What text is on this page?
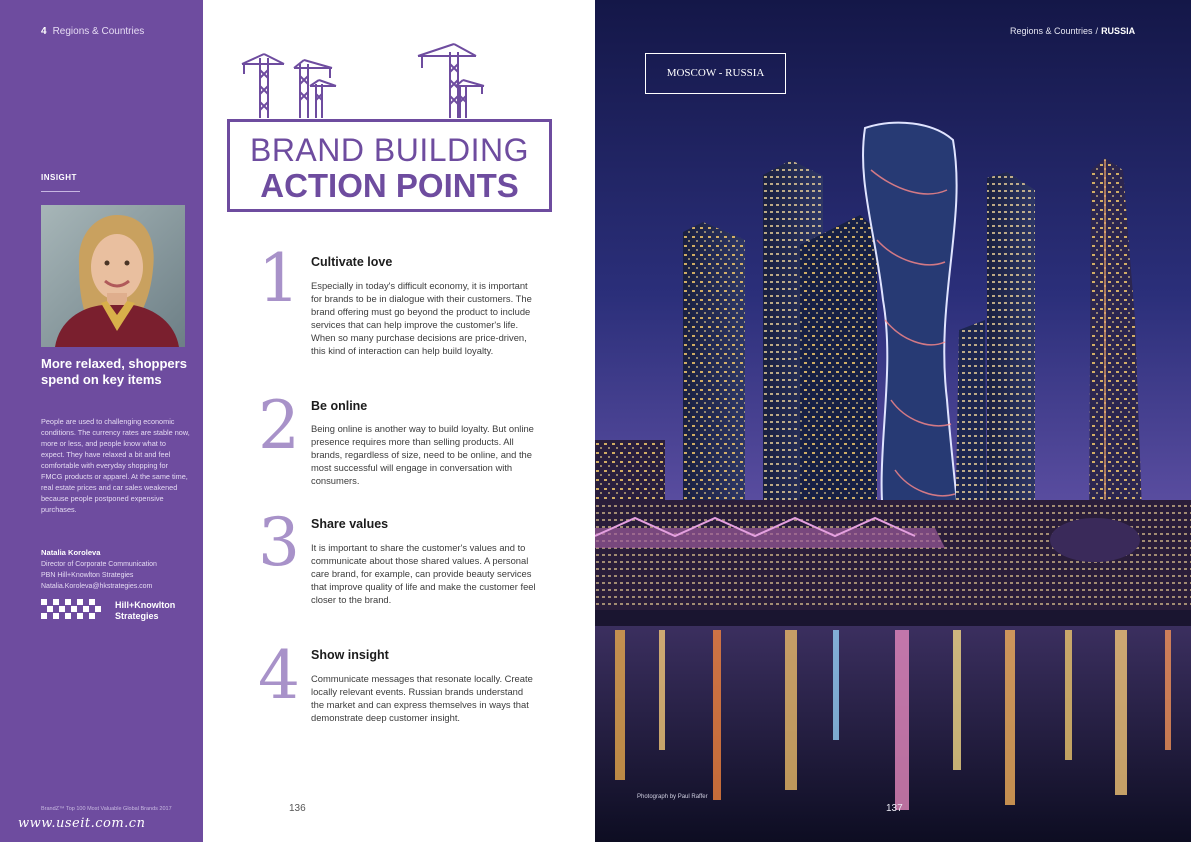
4 Regions & Countries
INSIGHT
More relaxed, shoppers spend on key items
People are used to challenging economic conditions. The currency rates are stable now, more or less, and people know what to expect. They have relaxed a bit and feel comfortable with everyday shopping for FMCG products or apparel. At the same time, real estate prices and car sales weakened because people postponed expensive purchases.
Natalia Koroleva
Director of Corporate Communication
PBN Hill+Knowlton Strategies
Natalia.Koroleva@hkstrategies.com
Hill+Knowlton Strategies
BrandZ™ Top 100 Most Valuable Global Brands 2017
www.useit.com.cn
BRAND BUILDING
ACTION POINTS
1 Cultivate love
Especially in today's difficult economy, it is important for brands to be in dialogue with their customers. The brand offering must go beyond the product to include services that can help improve the customer's life. When so many purchase decisions are price-driven, this kind of interaction can help build loyalty.
2 Be online
Being online is another way to build loyalty. But online presence requires more than selling products. All brands, regardless of size, need to be online, and the most successful will engage in conversation with consumers.
3 Share values
It is important to share the customer's values and to communicate about those shared values. A personal care brand, for example, can provide beauty services that improve quality of life and make the customer feel closer to the brand.
4 Show insight
Communicate messages that resonate locally. Create locally relevant events. Russian brands understand the market and can express themselves in ways that demonstrate deep customer insight.
136
Regions & Countries / RUSSIA
MOSCOW - RUSSIA
Photograph by Paul Raffer
137
